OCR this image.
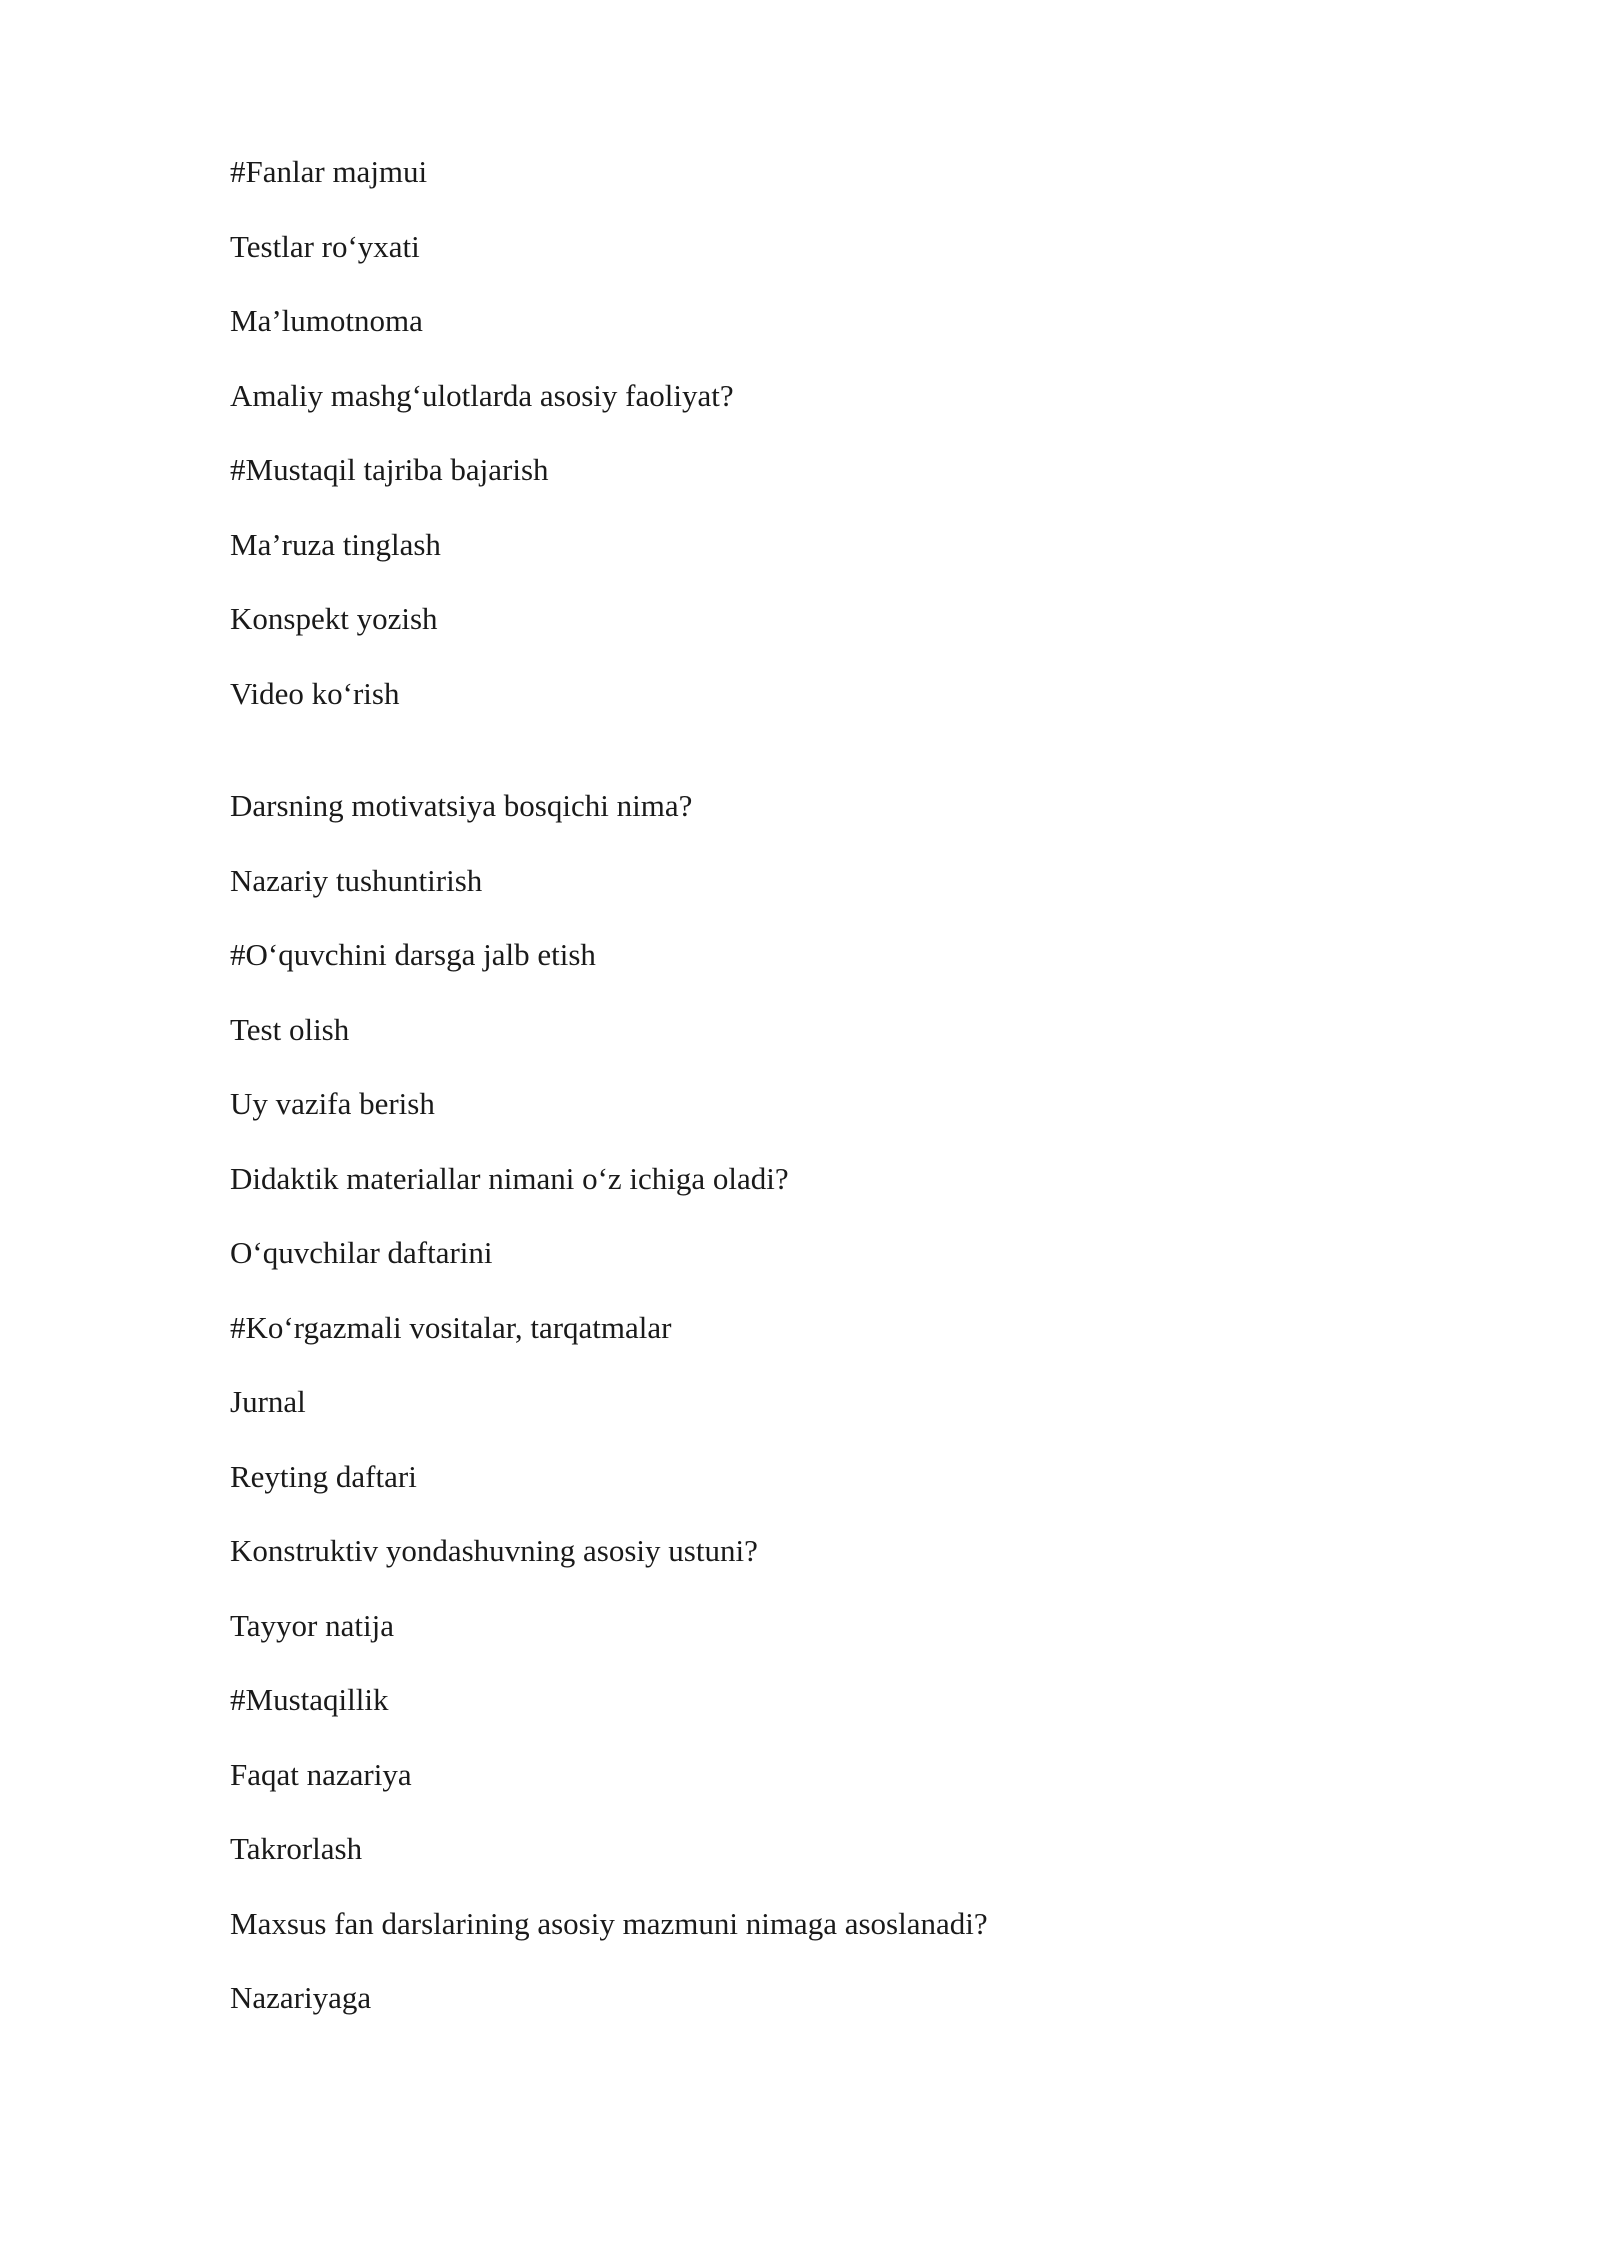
#Fanlar majmui

Testlar ro‘yxati

Ma’lumotnoma

Amaliy mashg‘ulotlarda asosiy faoliyat?

#Mustaqil tajriba bajarish

Ma’ruza tinglash

Konspekt yozish

Video ko‘rish

Darsning motivatsiya bosqichi nima?

Nazariy tushuntirish

#O‘quvchini darsga jalb etish

Test olish

Uy vazifa berish

Didaktik materiallar nimani o‘z ichiga oladi?

O‘quvchilar daftarini

#Ko‘rgazmali vositalar, tarqatmalar

Jurnal

Reyting daftari

Konstruktiv yondashuvning asosiy ustuni?

Tayyor natija

#Mustaqillik

Faqat nazariya

Takrorlash

Maxsus fan darslarining asosiy mazmuni nimaga asoslanadi?

Nazariyaga
